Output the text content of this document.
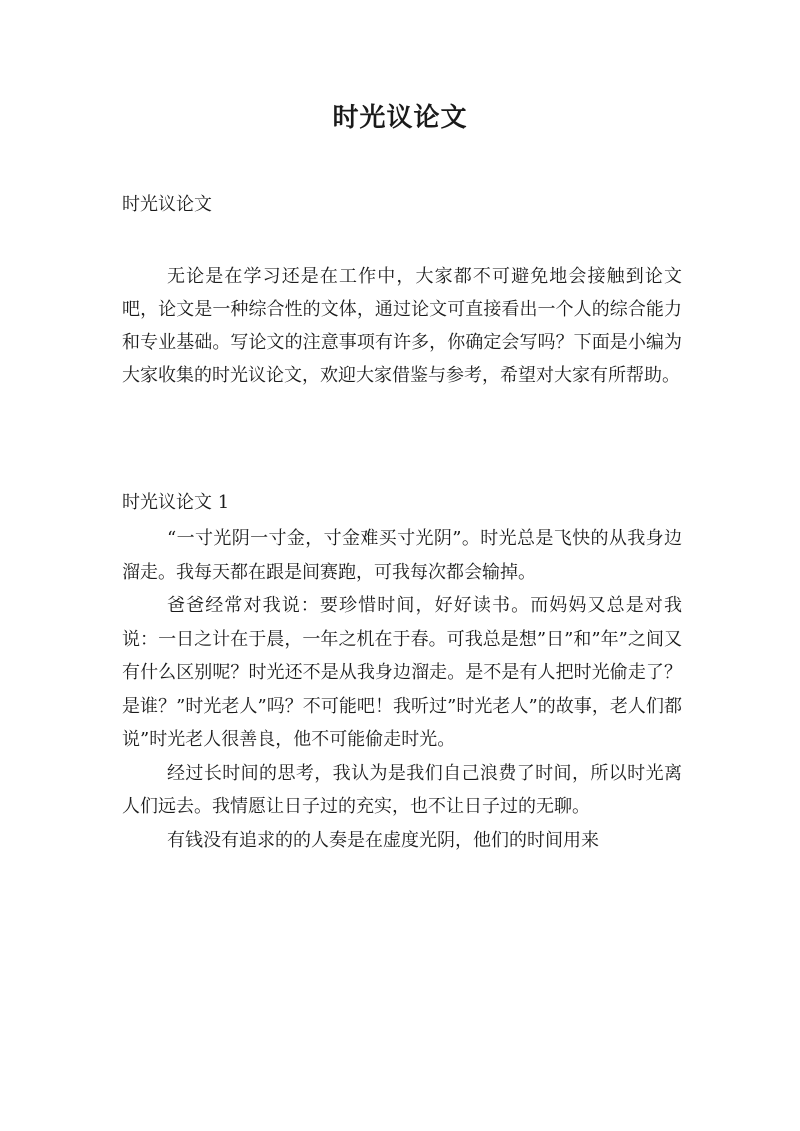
时光议论文
时光议论文

无论是在学习还是在工作中，大家都不可避免地会接触到论文吧，论文是一种综合性的文体，通过论文可直接看出一个人的综合能力和专业基础。写论文的注意事项有许多，你确定会写吗？下面是小编为大家收集的时光议论文，欢迎大家借鉴与参考，希望对大家有所帮助。

时光议论文 1

“一寸光阴一寸金，寸金难买寸光阴”。时光总是飞快的从我身边溜走。我每天都在跟是间赛跑，可我每次都会输掉。

爸爸经常对我说：要珍惜时间，好好读书。而妈妈又总是对我说：一日之计在于晨，一年之机在于春。可我总是想”日”和”年”之间又有什么区别呢？时光还不是从我身边溜走。是不是有人把时光偷走了？是谁？”时光老人”吗？不可能吧！我听过”时光老人”的故事，老人们都说”时光老人很善良，他不可能偷走时光。

经过长时间的思考，我认为是我们自己浪费了时间，所以时光离人们远去。我情愿让日子过的充实，也不让日子过的无聊。

有钱没有追求的的人奏是在虚度光阴，他们的时间用来
